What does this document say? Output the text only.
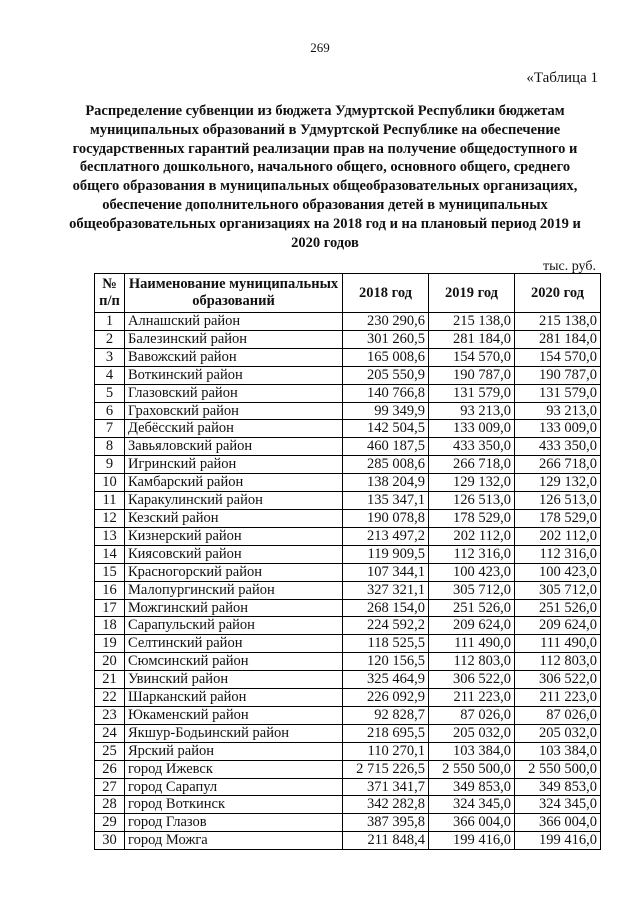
269
«Таблица 1
Распределение субвенции из бюджета Удмуртской Республики бюджетам муниципальных образований в Удмуртской Республике на обеспечение государственных гарантий реализации прав на получение общедоступного и бесплатного дошкольного, начального общего, основного общего, среднего общего образования в муниципальных общеобразовательных организациях, обеспечение дополнительного образования детей в муниципальных общеобразовательных организациях на 2018 год и на плановый период 2019 и 2020 годов
тыс. руб.
№ п/п	Наименование муниципальных образований	2018 год	2019 год	2020 год
1	Алнашский район	230 290,6	215 138,0	215 138,0
2	Балезинский район	301 260,5	281 184,0	281 184,0
3	Вавожский район	165 008,6	154 570,0	154 570,0
4	Воткинский район	205 550,9	190 787,0	190 787,0
5	Глазовский район	140 766,8	131 579,0	131 579,0
6	Граховский район	99 349,9	93 213,0	93 213,0
7	Дебёсский район	142 504,5	133 009,0	133 009,0
8	Завьяловский район	460 187,5	433 350,0	433 350,0
9	Игринский район	285 008,6	266 718,0	266 718,0
10	Камбарский район	138 204,9	129 132,0	129 132,0
11	Каракулинский район	135 347,1	126 513,0	126 513,0
12	Кезский район	190 078,8	178 529,0	178 529,0
13	Кизнерский район	213 497,2	202 112,0	202 112,0
14	Киясовский район	119 909,5	112 316,0	112 316,0
15	Красногорский район	107 344,1	100 423,0	100 423,0
16	Малопургинский район	327 321,1	305 712,0	305 712,0
17	Можгинский район	268 154,0	251 526,0	251 526,0
18	Сарапульский район	224 592,2	209 624,0	209 624,0
19	Селтинский район	118 525,5	111 490,0	111 490,0
20	Сюмсинский район	120 156,5	112 803,0	112 803,0
21	Увинский район	325 464,9	306 522,0	306 522,0
22	Шарканский район	226 092,9	211 223,0	211 223,0
23	Юкаменский район	92 828,7	87 026,0	87 026,0
24	Якшур-Бодьинский район	218 695,5	205 032,0	205 032,0
25	Ярский район	110 270,1	103 384,0	103 384,0
26	город Ижевск	2 715 226,5	2 550 500,0	2 550 500,0
27	город Сарапул	371 341,7	349 853,0	349 853,0
28	город Воткинск	342 282,8	324 345,0	324 345,0
29	город Глазов	387 395,8	366 004,0	366 004,0
30	город Можга	211 848,4	199 416,0	199 416,0
